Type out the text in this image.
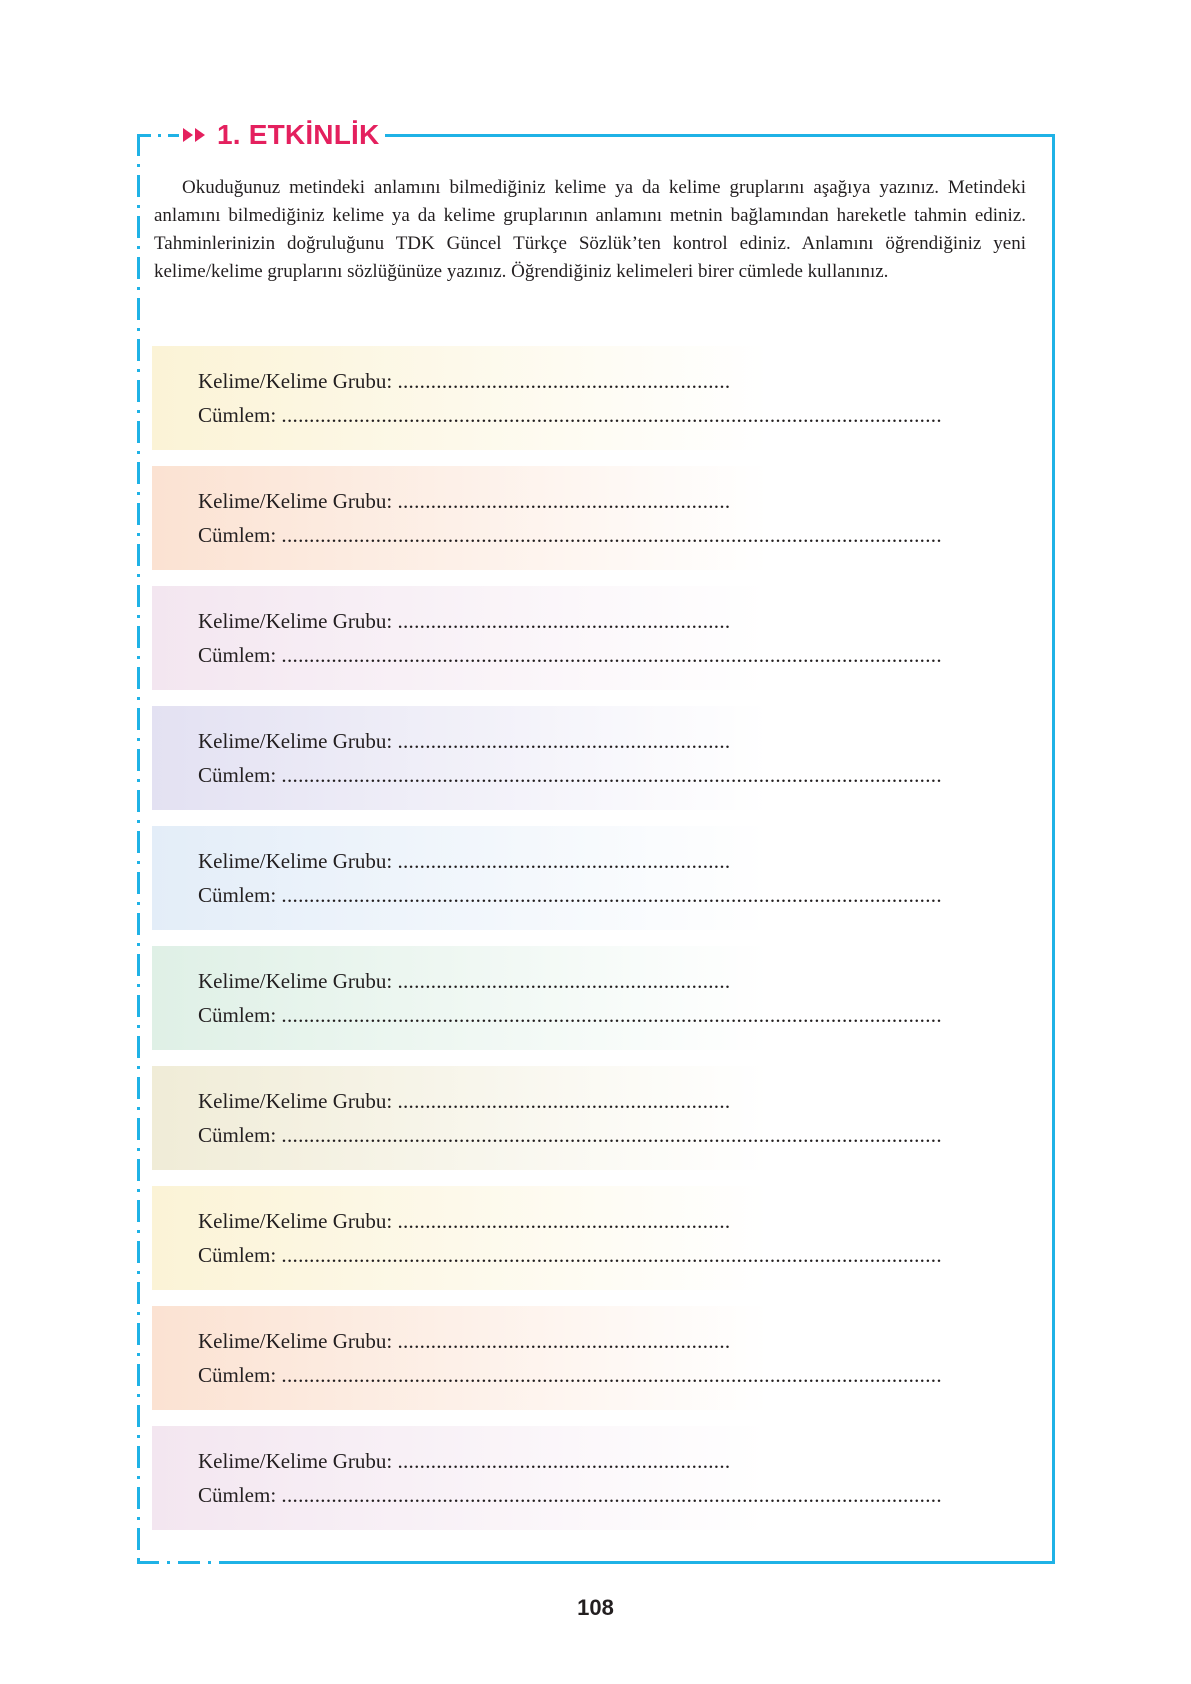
1. ETKİNLİK

Okuduğunuz metindeki anlamını bilmediğiniz kelime ya da kelime gruplarını aşağıya yazınız. Metindeki anlamını bilmediğiniz kelime ya da kelime gruplarının anlamını metnin bağlamından hareketle tahmin ediniz. Tahminlerinizin doğruluğunu TDK Güncel Türkçe Sözlük’ten kontrol ediniz. Anlamını öğrendiğiniz yeni kelime/kelime gruplarını sözlüğünüze yazınız. Öğrendiğiniz kelimeleri birer cümlede kullanınız.

Kelime/Kelime Grubu: ............................................................
Cümlem: .......................................................................................................................
Kelime/Kelime Grubu: ............................................................
Cümlem: .......................................................................................................................
Kelime/Kelime Grubu: ............................................................
Cümlem: .......................................................................................................................
Kelime/Kelime Grubu: ............................................................
Cümlem: .......................................................................................................................
Kelime/Kelime Grubu: ............................................................
Cümlem: .......................................................................................................................
Kelime/Kelime Grubu: ............................................................
Cümlem: .......................................................................................................................
Kelime/Kelime Grubu: ............................................................
Cümlem: .......................................................................................................................
Kelime/Kelime Grubu: ............................................................
Cümlem: .......................................................................................................................
Kelime/Kelime Grubu: ............................................................
Cümlem: .......................................................................................................................
Kelime/Kelime Grubu: ............................................................
Cümlem: .......................................................................................................................
108
